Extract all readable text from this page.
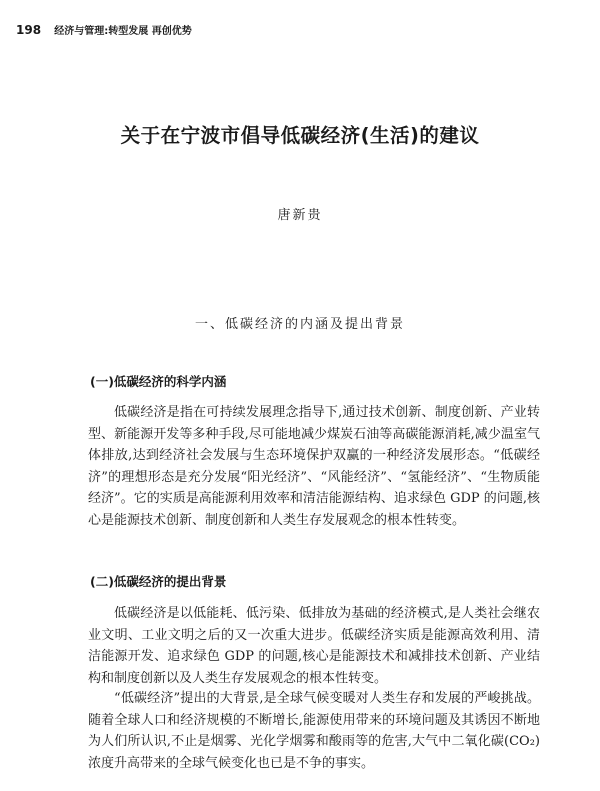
198 经济与管理:转型发展 再创优势
关于在宁波市倡导低碳经济(生活)的建议
唐新贵
一、低碳经济的内涵及提出背景
(一)低碳经济的科学内涵

低碳经济是指在可持续发展理念指导下,通过技术创新、制度创新、产业转型、新能源开发等多种手段,尽可能地减少煤炭石油等高碳能源消耗,减少温室气体排放,达到经济社会发展与生态环境保护双赢的一种经济发展形态。“低碳经济”的理想形态是充分发展“阳光经济”、“风能经济”、“氢能经济”、“生物质能经济”。它的实质是高能源利用效率和清洁能源结构、追求绿色 GDP 的问题,核心是能源技术创新、制度创新和人类生存发展观念的根本性转变。

(二)低碳经济的提出背景

低碳经济是以低能耗、低污染、低排放为基础的经济模式,是人类社会继农业文明、工业文明之后的又一次重大进步。低碳经济实质是能源高效利用、清洁能源开发、追求绿色 GDP 的问题,核心是能源技术和减排技术创新、产业结构和制度创新以及人类生存发展观念的根本性转变。

“低碳经济”提出的大背景,是全球气候变暖对人类生存和发展的严峻挑战。随着全球人口和经济规模的不断增长,能源使用带来的环境问题及其诱因不断地为人们所认识,不止是烟雾、光化学烟雾和酸雨等的危害,大气中二氧化碳(CO₂)浓度升高带来的全球气候变化也已是不争的事实。
